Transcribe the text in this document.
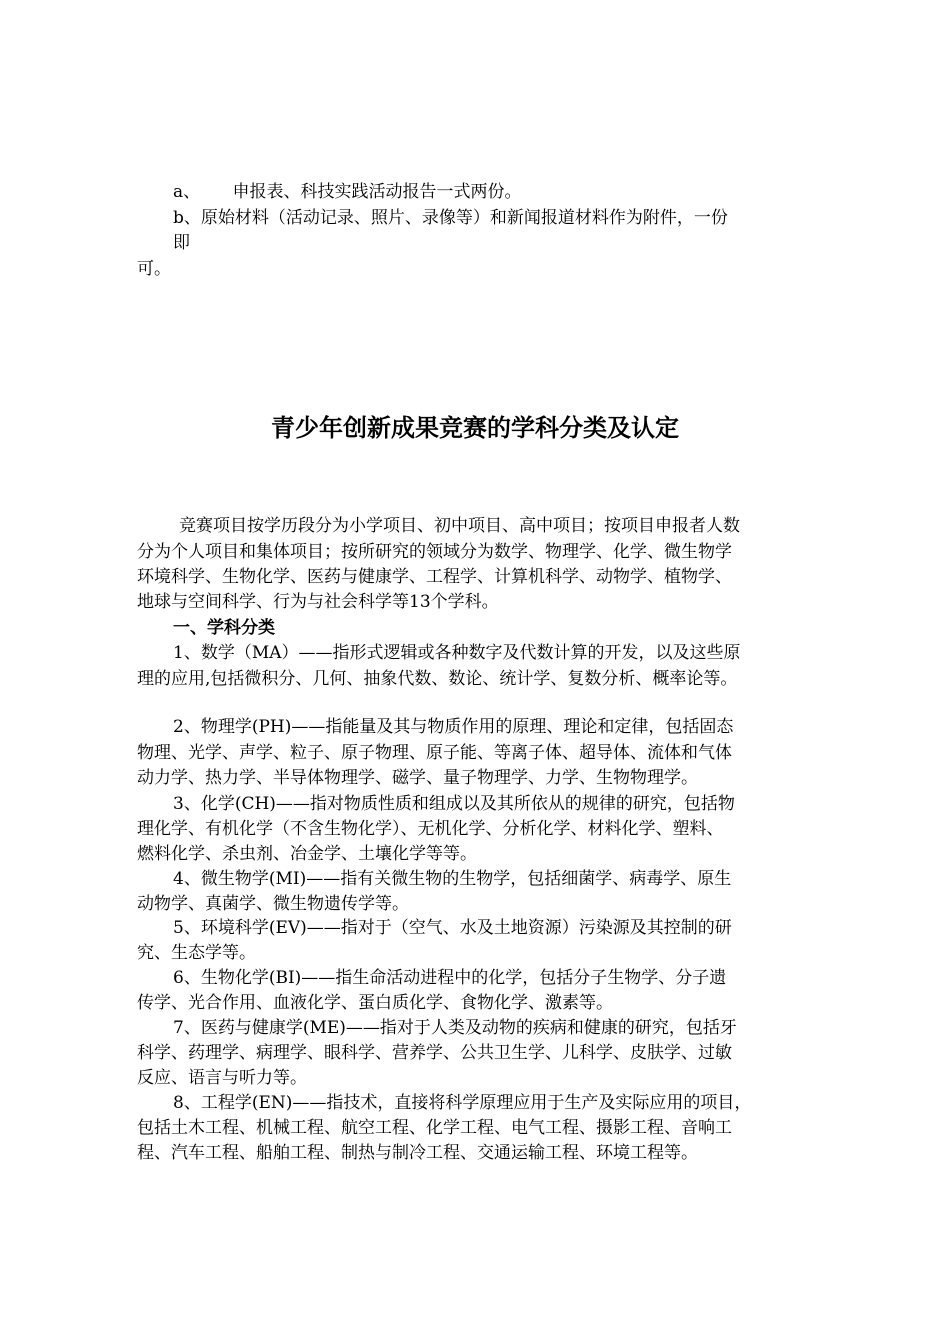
a、      申报表、科技实践活动报告一式两份。
b、原始材料（活动记录、照片、录像等）和新闻报道材料作为附件，一份
即
可。
青少年创新成果竞赛的学科分类及认定
竞赛项目按学历段分为小学项目、初中项目、高中项目；按项目申报者人数
分为个人项目和集体项目；按所研究的领域分为数学、物理学、化学、微生物学
环境科学、生物化学、医药与健康学、工程学、计算机科学、动物学、植物学、
地球与空间科学、行为与社会科学等13个学科。
一、学科分类
1、数学（MA）——指形式逻辑或各种数字及代数计算的开发，以及这些原
理的应用,包括微积分、几何、抽象代数、数论、统计学、复数分析、概率论等。
2、物理学(PH)——指能量及其与物质作用的原理、理论和定律，包括固态
物理、光学、声学、粒子、原子物理、原子能、等离子体、超导体、流体和气体
动力学、热力学、半导体物理学、磁学、量子物理学、力学、生物物理学。
3、化学(CH)——指对物质性质和组成以及其所依从的规律的研究，包括物
理化学、有机化学（不含生物化学）、无机化学、分析化学、材料化学、塑料、
燃料化学、杀虫剂、冶金学、土壤化学等等。
4、微生物学(MI)——指有关微生物的生物学，包括细菌学、病毒学、原生
动物学、真菌学、微生物遗传学等。
5、环境科学(EV)——指对于（空气、水及土地资源）污染源及其控制的研
究、生态学等。
6、生物化学(BI)——指生命活动进程中的化学，包括分子生物学、分子遗
传学、光合作用、血液化学、蛋白质化学、食物化学、激素等。
7、医药与健康学(ME)——指对于人类及动物的疾病和健康的研究，包括牙
科学、药理学、病理学、眼科学、营养学、公共卫生学、儿科学、皮肤学、过敏
反应、语言与听力等。
8、工程学(EN)——指技术，直接将科学原理应用于生产及实际应用的项目，
包括土木工程、机械工程、航空工程、化学工程、电气工程、摄影工程、音响工
程、汽车工程、船舶工程、制热与制冷工程、交通运输工程、环境工程等。
